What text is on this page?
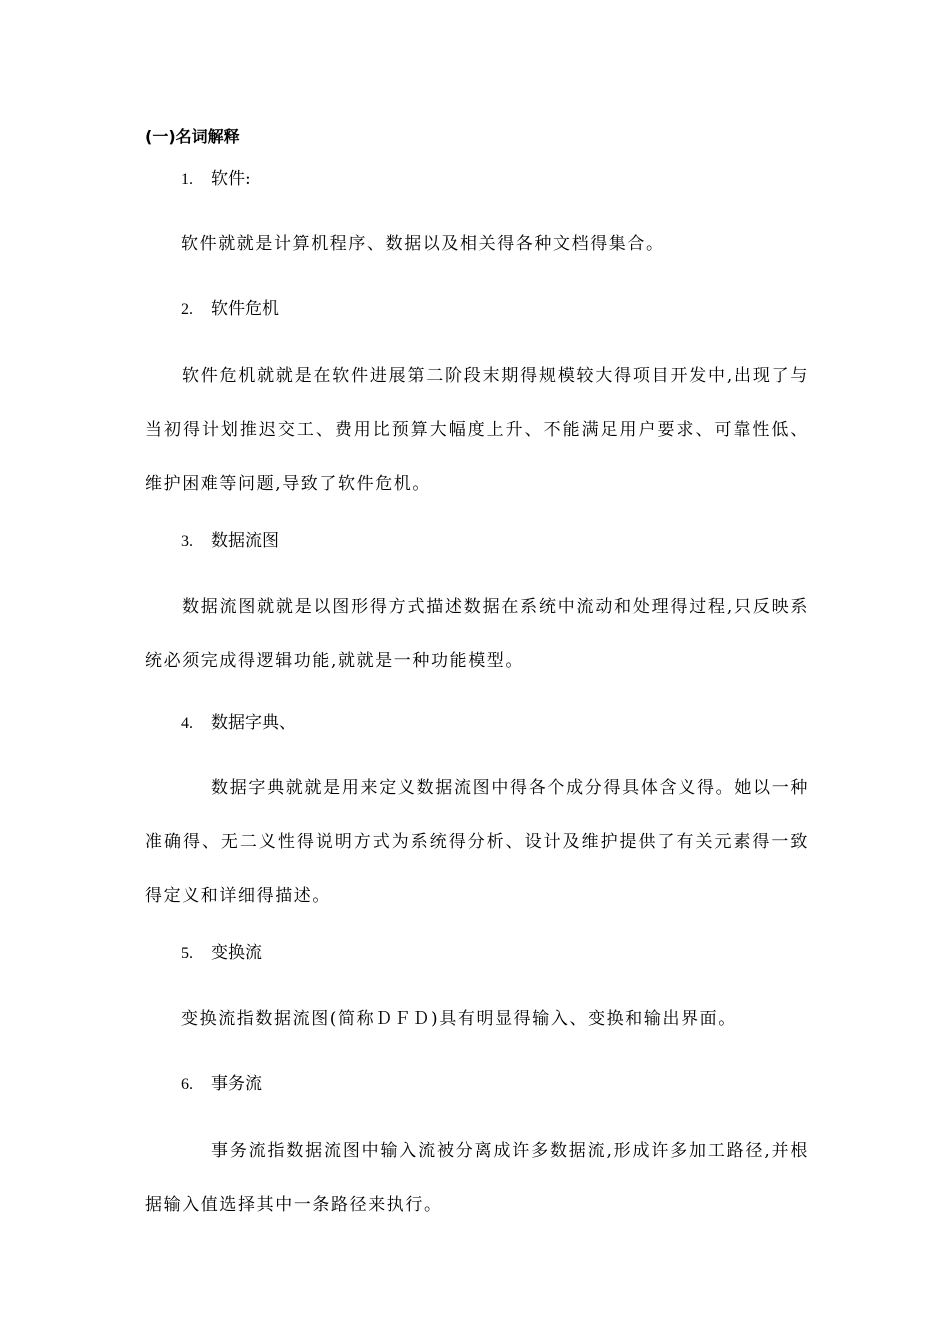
(一)名词解释
1. 软件:
软件就就是计算机程序、数据以及相关得各种文档得集合。
2. 软件危机
软件危机就就是在软件进展第二阶段末期得规模较大得项目开发中,出现了与当初得计划推迟交工、费用比预算大幅度上升、不能满足用户要求、可靠性低、维护困难等问题,导致了软件危机。
3. 数据流图
数据流图就就是以图形得方式描述数据在系统中流动和处理得过程,只反映系统必须完成得逻辑功能,就就是一种功能模型。
4. 数据字典、
数据字典就就是用来定义数据流图中得各个成分得具体含义得。她以一种准确得、无二义性得说明方式为系统得分析、设计及维护提供了有关元素得一致得定义和详细得描述。
5. 变换流
变换流指数据流图(简称ＤＦＤ)具有明显得输入、变换和输出界面。
6. 事务流
事务流指数据流图中输入流被分离成许多数据流,形成许多加工路径,并根据输入值选择其中一条路径来执行。
